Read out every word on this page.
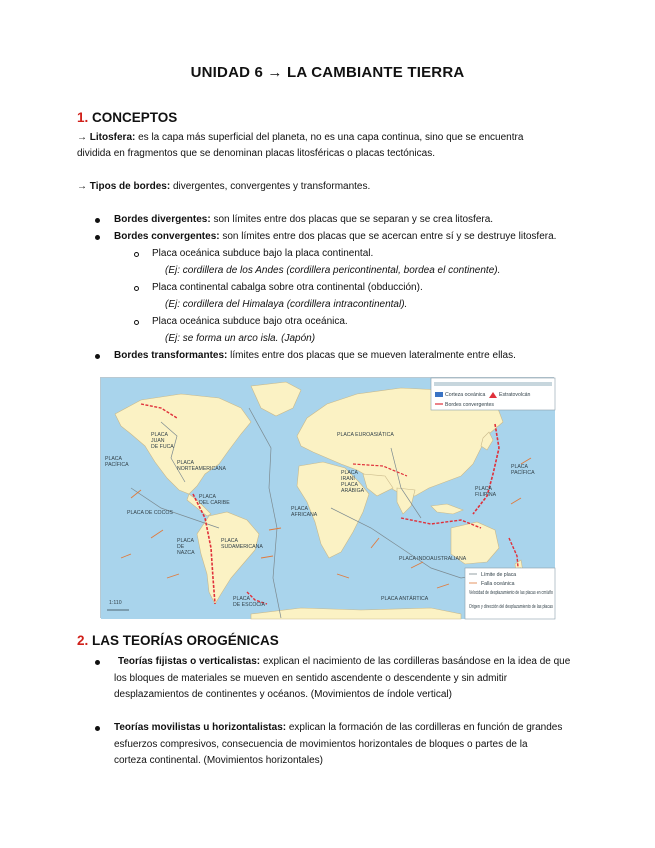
UNIDAD 6 → LA CAMBIANTE TIERRA
1. CONCEPTOS
→ Litosfera: es la capa más superficial del planeta, no es una capa continua, sino que se encuentra
dividida en fragmentos que se denominan placas litosféricas o placas tectónicas.
→ Tipos de bordes: divergentes, convergentes y transformantes.
Bordes divergentes: son límites entre dos placas que se separan y se crea litosfera.
Bordes convergentes: son límites entre dos placas que se acercan entre sí y se destruye litosfera.
Placa oceánica subduce bajo la placa continental.
(Ej: cordillera de los Andes (cordillera pericontinental, bordea el continente).
Placa continental cabalga sobre otra continental (obducción).
(Ej: cordillera del Himalaya (cordillera intracontinental).
Placa oceánica subduce bajo otra oceánica.
(Ej: se forma un arco isla. (Japón)
Bordes transformantes: límites entre dos placas que se mueven lateralmente entre ellas.
PLACA JUAN DE FUCA
PLACA NORTEAMERICANA
PLACA PACÍFICA
PLACA DE COCOS
PLACA DEL CARIBE
PLACA DE NAZCA
PLACA SUDAMERICANA
PLACA DE ESCOCIA
PLACA EUROASIÁTICA
PLACA AFRICANA
PLACA ARÁBIGA
PLACA IRANÍ
PLACA FILIPINA
PLACA PACÍFICA
PLACA INDOAUSTRALIANA
PLACA ANTÁRTICA
Corteza oceánica
Bordes convergentes
Estratovolcán
Límite de placa
Falla oceánica
Velocidad de desplazamiento de las placas en cm/año
Origen y dirección del desplazamiento de las placas
1:110
2. LAS TEORÍAS OROGÉNICAS
Teorías fijistas o verticalistas: explican el nacimiento de las cordilleras basándose en la idea de que
los bloques de materiales se mueven en sentido ascendente o descendente y sin admitir
desplazamientos de continentes y océanos. (Movimientos de índole vertical)
Teorías movilistas u horizontalistas: explican la formación de las cordilleras en función de grandes
esfuerzos compresivos, consecuencia de movimientos horizontales de bloques o partes de la
corteza continental. (Movimientos horizontales)
